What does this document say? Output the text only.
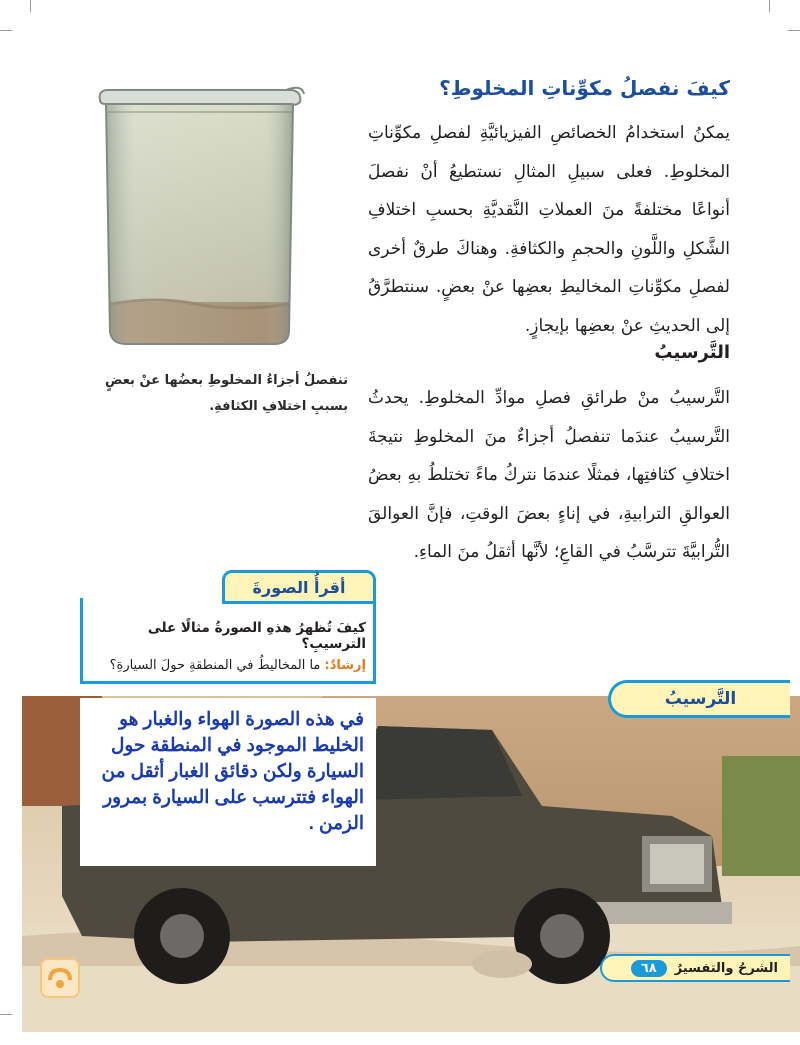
تنفصلُ أجزاءُ المخلوطِ بعضُها عنْ بعضٍ بسببِ اختلافِ الكثافةِ.
كيفَ نفصلُ مكوِّناتِ المخلوطِ؟
يمكنُ استخدامُ الخصائصِ الفيزيائيَّةِ لفصلِ مكوِّناتِ المخلوطِ. فعلى سبيلِ المثالِ نستطيعُ أنْ نفصلَ أنواعًا مختلفةً منَ العملاتِ النَّقديَّةِ بحسبِ اختلافِ الشَّكلِ واللَّونِ والحجمِ والكثافةِ. وهناكَ طرقٌ أخرى لفصلِ مكوِّناتِ المخاليطِ بعضِها عنْ بعضٍ. سنتطرَّقُ إلى الحديثِ عنْ بعضِها بإيجازٍ.
التَّرسيبُ
التَّرسيبُ منْ طرائقِ فصلِ موادِّ المخلوطِ. يحدثُ التَّرسيبُ عندَما تنفصلُ أجزاءٌ منَ المخلوطِ نتيجةَ اختلافِ كثافتِها، فمثلًا عندمَا نتركُ ماءً تختلطُ بهِ بعضُ العوالقِ الترابيةِ، في إناءٍ بعضَ الوقتِ، فإنَّ العوالقَ التُّرابيَّةَ تترسَّبُ في القاعِ؛ لأنَّها أثقلُ منَ الماءِ.
أقرأُ الصورةَ
كيفَ تُظهرُ هذهِ الصورةُ مثالًا على الترسيبِ؟
إرشادٌ: ما المخاليطُ في المنطقةِ حولَ السيارةِ؟

في هذه الصورة الهواء والغبار هو الخليط الموجود في المنطقة حول السيارة ولكن دقائق الغبار أثقل من الهواء فتترسب على السيارة بمرور الزمن .

التَّرسيبُ
الشرحُ والتفسيرُ
٦٨
